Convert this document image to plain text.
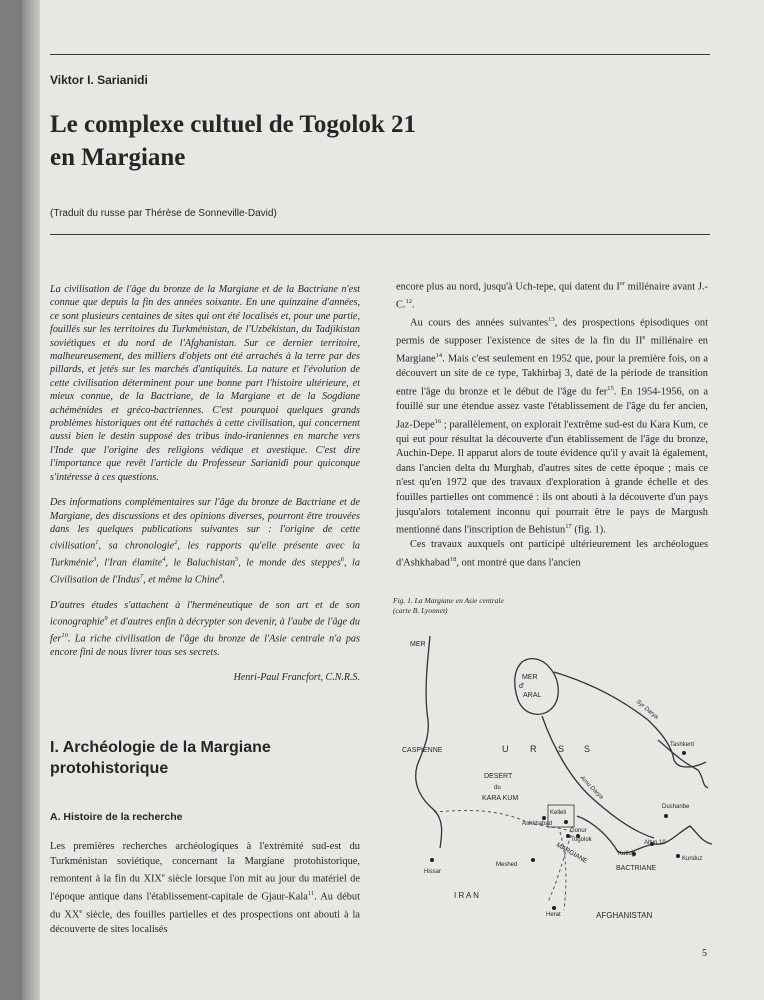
Viktor I. Sarianidi
Le complexe cultuel de Togolok 21
en Margiane
(Traduit du russe par Thérèse de Sonneville-David)

La civilisation de l'âge du bronze de la Margiane et de la Bactriane n'est connue que depuis la fin des années soixante. En une quinzaine d'années, ce sont plusieurs centaines de sites qui ont été localisés et, pour une partie, fouillés sur les territoires du Turkménistan, de l'Uzbékistan, du Tadjikistan soviétiques et du nord de l'Afghanistan. Sur ce dernier territoire, malheureusement, des milliers d'objets ont été arrachés à la terre par des pillards, et jetés sur les marchés d'antiquités. La nature et l'évolution de cette civilisation déterminent pour une bonne part l'histoire ultérieure, et mieux connue, de la Bactriane, de la Margiane et de la Sogdiane achéménides et gréco-bactriennes. C'est pourquoi quelques grands problèmes historiques ont été rattachés à cette civilisation, qui concernent aussi bien le destin supposé des tribus indo-iraniennes en marche vers l'Inde que l'origine des religions védique et avestique. C'est dire l'importance que revêt l'article du Professeur Sarianidi pour quiconque s'intéresse à ces questions.

Des informations complémentaires sur l'âge du bronze de Bactriane et de Margiane, des discussions et des opinions diverses, pourront être trouvées dans les quelques publications suivantes sur : l'origine de cette civilisation$^1$, sa chronologie$^2$, les rapports qu'elle présente avec la Turkménie$^3$, l'Iran élamite$^4$, le Baluchistan$^5$, le monde des steppes$^6$, la Civilisation de l'Indus$^7$, et même la Chine$^8$.

D'autres études s'attachent à l'herméneutique de son art et de son iconographie$^9$ et d'autres enfin à décrypter son devenir, à l'aube de l'âge du fer$^{10}$. La riche civilisation de l'âge du bronze de l'Asie centrale n'a pas encore fini de nous livrer tous ses secrets.

Henri-Paul Francfort, C.N.R.S.
I. Archéologie de la Margiane
protohistorique
A. Histoire de la recherche
Les premières recherches archéologiques à l'extrémité sud-est du Turkménistan soviétique, concernant la Margiane protohistorique, remontent à la fin du XIXe siècle lorsque l'on mit au jour du matériel de l'époque antique dans l'établissement-capitale de Gjaur-Kala$^{11}$. Au début du XXe siècle, des fouilles partielles et des prospections ont abouti à la découverte de sites localisés

encore plus au nord, jusqu'à Uch-tepe, qui datent du Ier millénaire avant J.-C.$^{12}$.

Au cours des années suivantes$^{13}$, des prospections épisodiques ont permis de supposer l'existence de sites de la fin du IIe millénaire en Margiane$^{14}$. Mais c'est seulement en 1952 que, pour la première fois, on a découvert un site de ce type, Takhirbaj 3, daté de la période de transition entre l'âge du bronze et le début de l'âge du fer$^{15}$. En 1954-1956, on a fouillé sur une étendue assez vaste l'établissement de l'âge du fer ancien, Jaz-Depe$^{16}$ ; parallèlement, on explorait l'extrême sud-est du Kara Kum, ce qui eut pour résultat la découverte d'un établissement de l'âge du bronze, Auchin-Depe. Il apparut alors de toute évidence qu'il y avait là également, dans l'ancien delta du Murghab, d'autres sites de cette époque ; mais ce n'est qu'en 1972 que des travaux d'exploration à grande échelle et des fouilles partielles ont commencé : ils ont abouti à la découverte d'un pays jusqu'alors totalement inconnu qui pourrait être le pays de Margush mentionné dans l'inscription de Behistun$^{17}$ (fig. 1).

Ces travaux auxquels ont participé ultérieurement les archéologues d'Ashkhabad$^{18}$, ont montré que dans l'ancien

Fig. 1. La Margiane en Asie centrale
(carte B. Lyonnet)
MER
CASPIENNE
MER
d'
ARAL
U R S S
DESERT
du
KARA KUM
Syr Darya
Amu Darya
Tashkent
Dushanbe
Kelleli
Ashkhabad
Gonur
Togolok
MARGIANE	Altyn 10
Kutlug
Kunduz
BACTRIANE
Meshed
Hissar
I R A N
Herat	AFGHANISTAN
5
